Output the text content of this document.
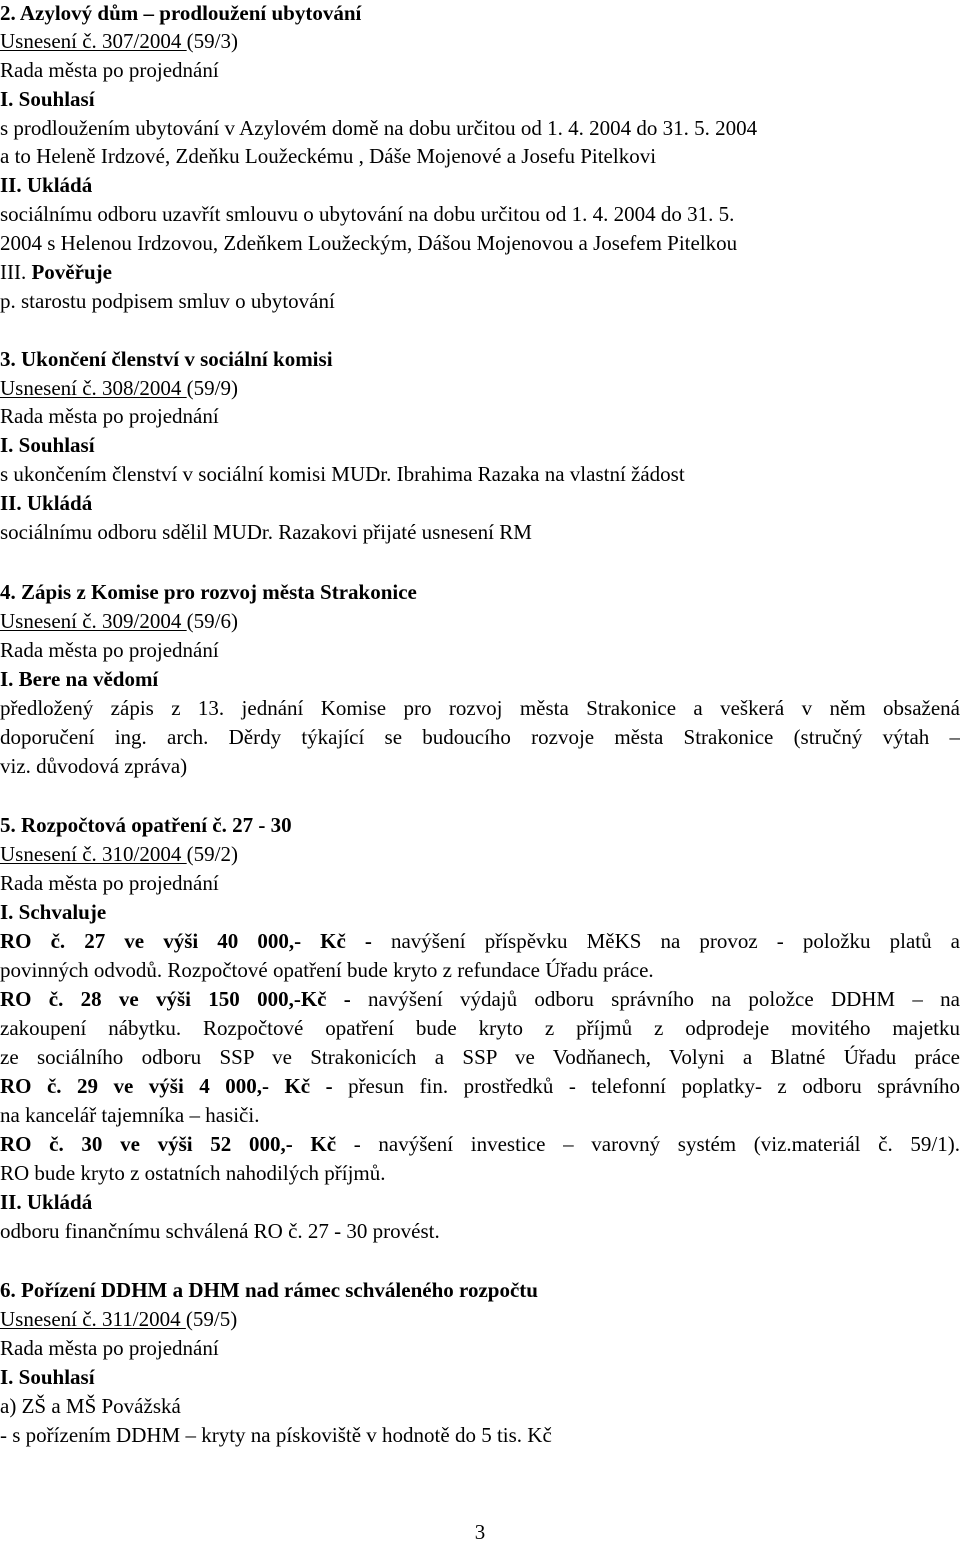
2. Azylový dům – prodloužení ubytování

Usnesení č. 307/2004 (59/3)

Rada města po projednání

I. Souhlasí

s prodloužením ubytování v Azylovém domě na dobu určitou od 1. 4. 2004 do 31. 5. 2004

a to Heleně Irdzové, Zdeňku Loužeckému , Dáše Mojenové a Josefu Pitelkovi

II. Ukládá

sociálnímu odboru uzavřít smlouvu o ubytování na dobu určitou od 1. 4. 2004 do 31. 5.

2004 s Helenou Irdzovou, Zdeňkem Loužeckým, Dášou Mojenovou a Josefem Pitelkou

III. Pověřuje

p. starostu podpisem smluv o ubytování

3. Ukončení členství v sociální komisi

Usnesení č. 308/2004 (59/9)

Rada města po projednání

I. Souhlasí

s ukončením členství v sociální komisi MUDr. Ibrahima Razaka na vlastní žádost

II. Ukládá

sociálnímu odboru sdělil MUDr. Razakovi přijaté usnesení RM

4. Zápis z Komise pro rozvoj města Strakonice

Usnesení č. 309/2004 (59/6)

Rada města po projednání

I. Bere na vědomí

předložený zápis z 13. jednání Komise pro rozvoj města Strakonice a veškerá v něm obsažená

doporučení ing. arch. Děrdy týkající se budoucího rozvoje města Strakonice (stručný výtah –

viz. důvodová zpráva)

5. Rozpočtová opatření č. 27 - 30

Usnesení č. 310/2004 (59/2)

Rada města po projednání

I. Schvaluje

RO č. 27 ve výši 40 000,- Kč - navýšení příspěvku MěKS na provoz - položku platů a

povinných odvodů. Rozpočtové opatření bude kryto z refundace Úřadu práce.

RO č. 28 ve výši 150 000,-Kč - navýšení výdajů odboru správního na položce DDHM – na

zakoupení nábytku. Rozpočtové opatření bude kryto z příjmů z odprodeje movitého majetku

ze sociálního odboru SSP ve Strakonicích a SSP ve Vodňanech, Volyni a Blatné Úřadu práce

RO č. 29 ve výši 4 000,- Kč - přesun fin. prostředků - telefonní poplatky- z odboru správního

na kancelář tajemníka – hasiči.

RO č. 30 ve výši 52 000,- Kč - navýšení investice – varovný systém (viz.materiál č. 59/1).

RO bude kryto z ostatních nahodilých příjmů.

II. Ukládá

odboru finančnímu schválená RO č. 27 - 30 provést.

6. Pořízení DDHM a DHM nad rámec schváleného rozpočtu

Usnesení č. 311/2004 (59/5)

Rada města po projednání

I. Souhlasí

a) ZŠ a MŠ Povážská

- s pořízením DDHM – kryty na pískoviště v hodnotě do 5 tis. Kč

3
